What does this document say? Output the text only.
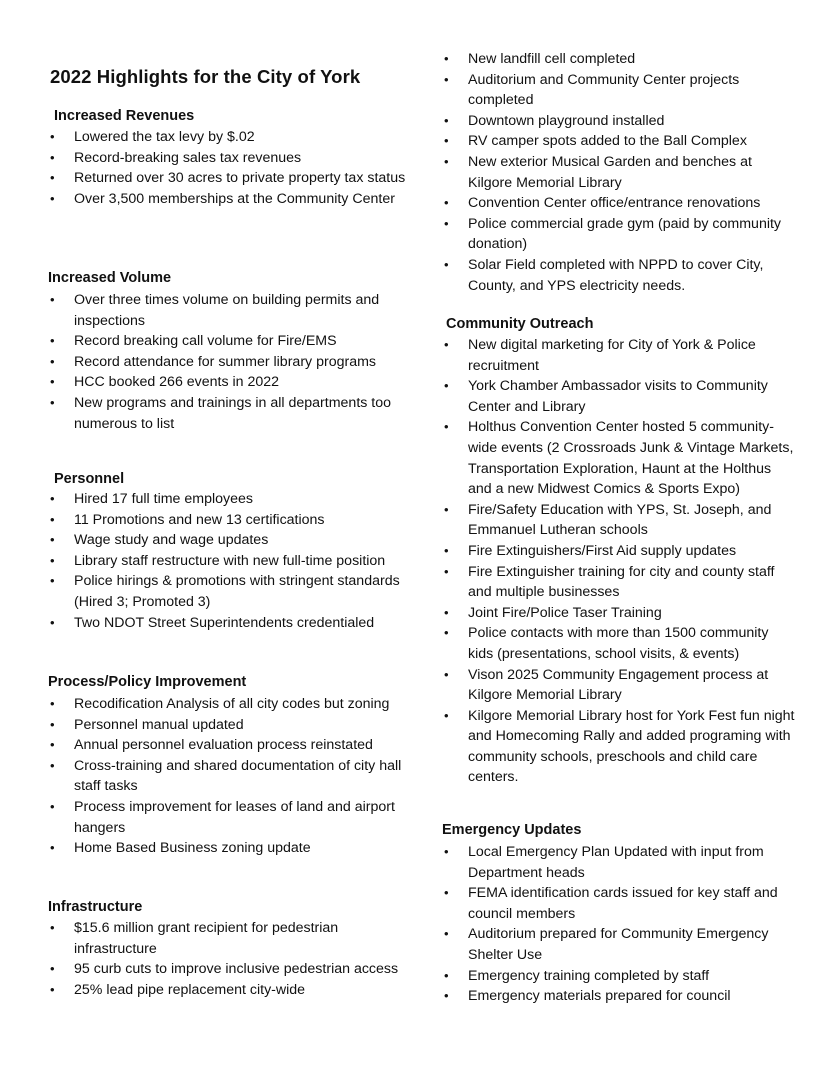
2022 Highlights for the City of York
Increased Revenues
• Lowered the tax levy by $.02
• Record-breaking sales tax revenues
• Returned over 30 acres to private property tax status
• Over 3,500 memberships at the Community Center
Increased Volume
• Over three times volume on building permits and inspections
• Record breaking call volume for Fire/EMS
• Record attendance for summer library programs
• HCC booked 266 events in 2022
• New programs and trainings in all departments too numerous to list
Personnel
• Hired 17 full time employees
• 11 Promotions and new 13 certifications
• Wage study and wage updates
• Library staff restructure with new full-time position
• Police hirings & promotions with stringent standards (Hired 3; Promoted 3)
• Two NDOT Street Superintendents credentialed
Process/Policy Improvement
• Recodification Analysis of all city codes but zoning
• Personnel manual updated
• Annual personnel evaluation process reinstated
• Cross-training and shared documentation of city hall staff tasks
• Process improvement for leases of land and airport hangers
• Home Based Business zoning update
Infrastructure
• $15.6 million grant recipient for pedestrian infrastructure
• 95 curb cuts to improve inclusive pedestrian access
• 25% lead pipe replacement city-wide
• New landfill cell completed
• Auditorium and Community Center projects completed
• Downtown playground installed
• RV camper spots added to the Ball Complex
• New exterior Musical Garden and benches at Kilgore Memorial Library
• Convention Center office/entrance renovations
• Police commercial grade gym (paid by community donation)
• Solar Field completed with NPPD to cover City, County, and YPS electricity needs.
Community Outreach
• New digital marketing for City of York & Police recruitment
• York Chamber Ambassador visits to Community Center and Library
• Holthus Convention Center hosted 5 community-wide events (2 Crossroads Junk & Vintage Markets, Transportation Exploration, Haunt at the Holthus and a new Midwest Comics & Sports Expo)
• Fire/Safety Education with YPS, St. Joseph, and Emmanuel Lutheran schools
• Fire Extinguishers/First Aid supply updates
• Fire Extinguisher training for city and county staff and multiple businesses
• Joint Fire/Police Taser Training
• Police contacts with more than 1500 community kids (presentations, school visits, & events)
• Vison 2025 Community Engagement process at Kilgore Memorial Library
• Kilgore Memorial Library host for York Fest fun night and Homecoming Rally and added programing with community schools, preschools and child care centers.
Emergency Updates
• Local Emergency Plan Updated with input from Department heads
• FEMA identification cards issued for key staff and council members
• Auditorium prepared for Community Emergency Shelter Use
• Emergency training completed by staff
• Emergency materials prepared for council
